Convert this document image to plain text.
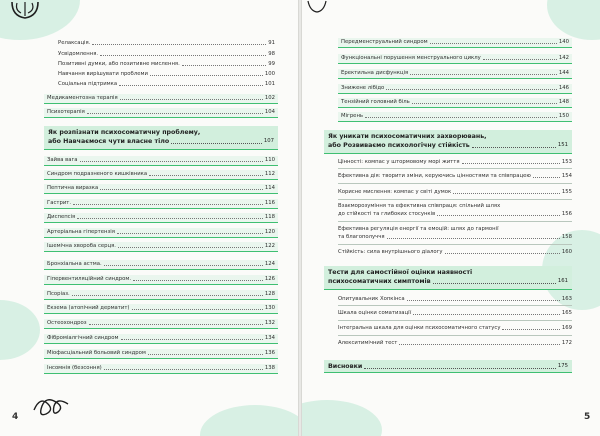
Релаксація.	91
Усвідомлення.	98
Позитивні думки, або позитивне мислення.	99
Навчання вирішувати проблеми	100
Соціальна підтримка	101
Медикаментозна терапія	102
Психотерапія	104
Як розпізнати психосоматичну проблему,
або Навчаємося чути власне тіло	107
Зайва вага	110
Синдром подразненого кишківника	112
Пептична виразка	114
Гастрит.	116
Диспепсія	118
Артеріальна гіпертензія	120
Ішемічна хвороба серця.	122
Бронхіальна астма.	124
Гіпервентиляційний синдром.	126
Псоріаз.	128
Екзема (атопічний дерматит)	130
Остеохондроз	132
Фіброміалгічний синдром	134
Міофасціальний больовий синдром	136
Інсомнія (безсоння)	138
4
Передменструальний синдром	140
Функціональні порушення менструального циклу	142
Еректильна дисфункція	144
Знижене лібідо	146
Тензійний головний біль	148
Мігрень	150
Як уникати психосоматичних захворювань,
або Розвиваємо психологічну стійкість	151
Цінності: компас у штормовому морі життя	153
Ефективна дія: творити зміни, керуючись цінностями та співпрацею	154
Корисне мислення: компас у світі думок	155
Взаєморозуміння та ефективна співпраця: спільний шлях
до стійкості та глибоких стосунків	156
Ефективна регуляція енергії та емоцій: шлях до гармонії
та благополуччя	158
Стійкість: сила внутрішнього діалогу	160
Тести для самостійної оцінки наявності
психосоматичних симптомів	161
Опитувальник Хопкінса	163
Шкала оцінки соматизації	165
Інтегральна шкала для оцінки психосоматичного статусу	169
Алекситимічний тест	172
Висновки	175
5
